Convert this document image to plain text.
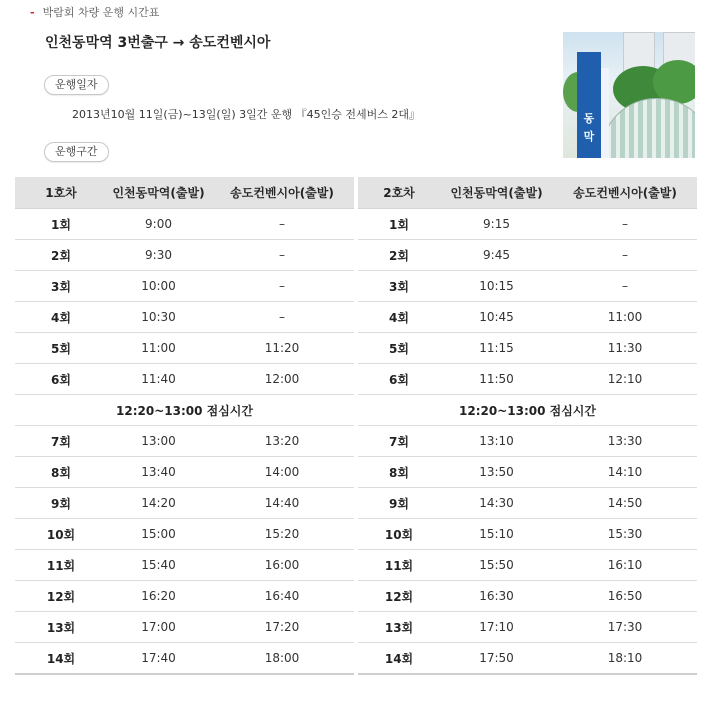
- 박람회 차량 운행 시간표
인천동막역 3번출구 → 송도컨벤시아
운행일자
2013년10월 11일(금)~13일(일) 3일간 운행 『45인승 전세버스 2대』
운행구간
동
막
1호차	인천동막역(출발)	송도컨벤시아(출발)
1회	9:00	–
2회	9:30	–
3회	10:00	–
4회	10:30	–
5회	11:00	11:20
6회	11:40	12:00
12:20~13:00 점심시간		
7회	13:00	13:20
8회	13:40	14:00
9회	14:20	14:40
10회	15:00	15:20
11회	15:40	16:00
12회	16:20	16:40
13회	17:00	17:20
14회	17:40	18:00
2호차	인천동막역(출발)	송도컨벤시아(출발)
1회	9:15	–
2회	9:45	–
3회	10:15	–
4회	10:45	11:00
5회	11:15	11:30
6회	11:50	12:10
12:20~13:00 점심시간		
7회	13:10	13:30
8회	13:50	14:10
9회	14:30	14:50
10회	15:10	15:30
11회	15:50	16:10
12회	16:30	16:50
13회	17:10	17:30
14회	17:50	18:10
